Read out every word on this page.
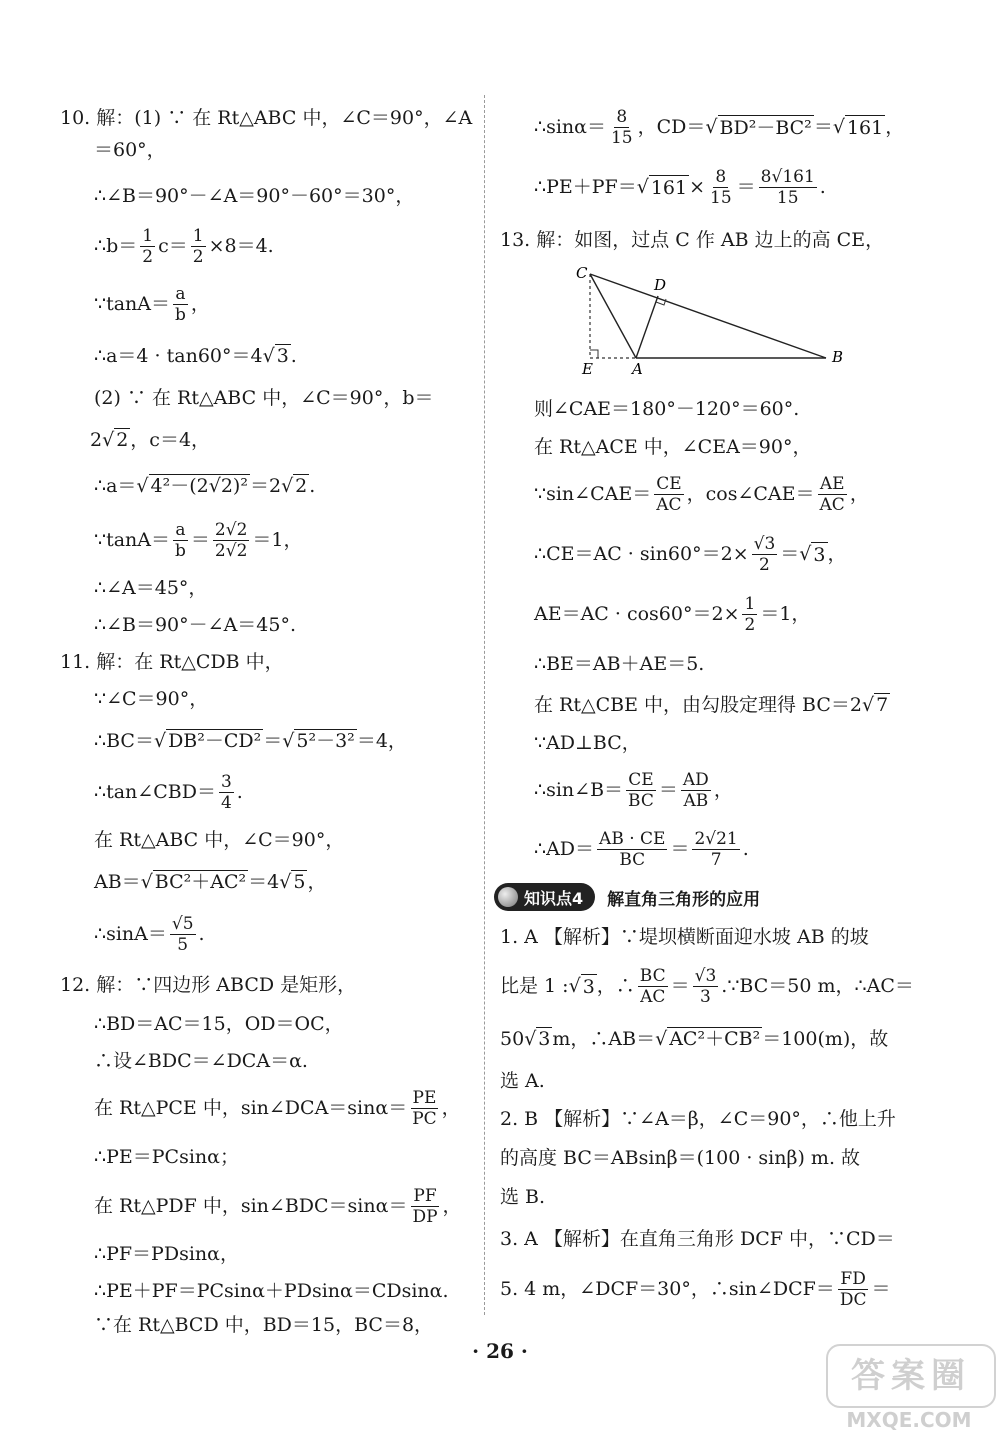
10. 解：(1) ∵ 在 Rt△ABC 中，∠C＝90°，∠A

＝60°，

∴∠B＝90°－∠A＝90°－60°＝30°，

∴b＝ $\frac{1}{2} c= \frac{1}{2} \times 8=4$.

∵tanA＝ $\frac{a}{b}$ ，

∴a＝4 · tan60°＝4√ 3 .

(2) ∵ 在 Rt△ABC 中，∠C＝90°，b＝

2√ 2 ，c＝4，

∴a＝√ 4²－(2√2)² ＝2√ 2 .

∵tanA＝ $\frac{a}{b} = \frac{2√2}{2√2} =1$，

∴∠A＝45°，

∴∠B＝90°－∠A＝45°.

11. 解：在 Rt△CDB 中，

∵∠C＝90°，

∴BC＝√ DB²－CD² ＝√ 5²－3² ＝4，

∴tan∠CBD＝ $\frac{3}{4}$ .

在 Rt△ABC 中，∠C＝90°，

AB＝√ BC²＋AC² ＝4√ 5 ，

∴sinA＝ $\frac{√5}{5}$ .

12. 解：∵四边形 ABCD 是矩形，

∴BD＝AC＝15，OD＝OC，

∴设∠BDC＝∠DCA＝α.

在 Rt△PCE 中，sin∠DCA＝sinα＝ $\frac{PE}{PC}$ ，

∴PE＝PCsinα；

在 Rt△PDF 中，sin∠BDC＝sinα＝ $\frac{PF}{DP}$ ，

∴PF＝PDsinα，

∴PE＋PF＝PCsinα＋PDsinα＝CDsinα.

∵在 Rt△BCD 中，BD＝15，BC＝8，

∴sinα＝ $\frac{8}{15}$ ，CD＝ √ BD²－BC² ＝ √ 161 ，

∴PE＋PF＝ √ $161 \times \frac{8}{15} = \frac{8√161}{15}$ .

13. 解：如图，过点 C 作 AB 边上的高 CE，

C
D
E	A
B

则∠CAE＝180°－120°＝60°.

在 Rt△ACE 中，∠CEA＝90°，

∵sin∠CAE＝ $\frac{CE}{AC}$ ，cos∠CAE＝ $\frac{AE}{AC}$ ，

∴CE＝AC · $\sin 60^\circ=2\times \frac{√3}{2}$ ＝ √ 3 ，

$AE=AC \cdot \cos 60^\circ=2\times \frac{1}{2} =1$，

∴BE＝AB＋AE＝5.

在 Rt△CBE 中，由勾股定理得 BC＝2√ 7

∵AD⊥BC，

∴sin∠B＝ $\frac{CE}{BC} = \frac{AD}{AB}$ ，

∴AD＝ $\frac{AB \cdot CE}{BC} = \frac{2√21}{7}$ .

知识点4 解直角三角形的应用

1. A 【解析】∵堤坝横断面迎水坡 AB 的坡

比是 1 : √ 3 ，∴ $\frac{BC}{AC} = \frac{√3}{3}$ .∵BC＝50 m，∴AC＝

50√ 3 m，∴AB＝√ AC²＋CB² ＝100(m)，故

选 A.

2. B 【解析】∵∠A＝β，∠C＝90°，∴他上升

的高度 BC＝ABsinβ＝(100 · sinβ) m. 故

选 B.

3. A 【解析】在直角三角形 DCF 中，∵CD＝

5. 4 m，∠DCF＝30°，∴sin∠DCF＝ $\frac{FD}{DC}$ ＝

· 26 ·
答案圈
MXQE.COM
